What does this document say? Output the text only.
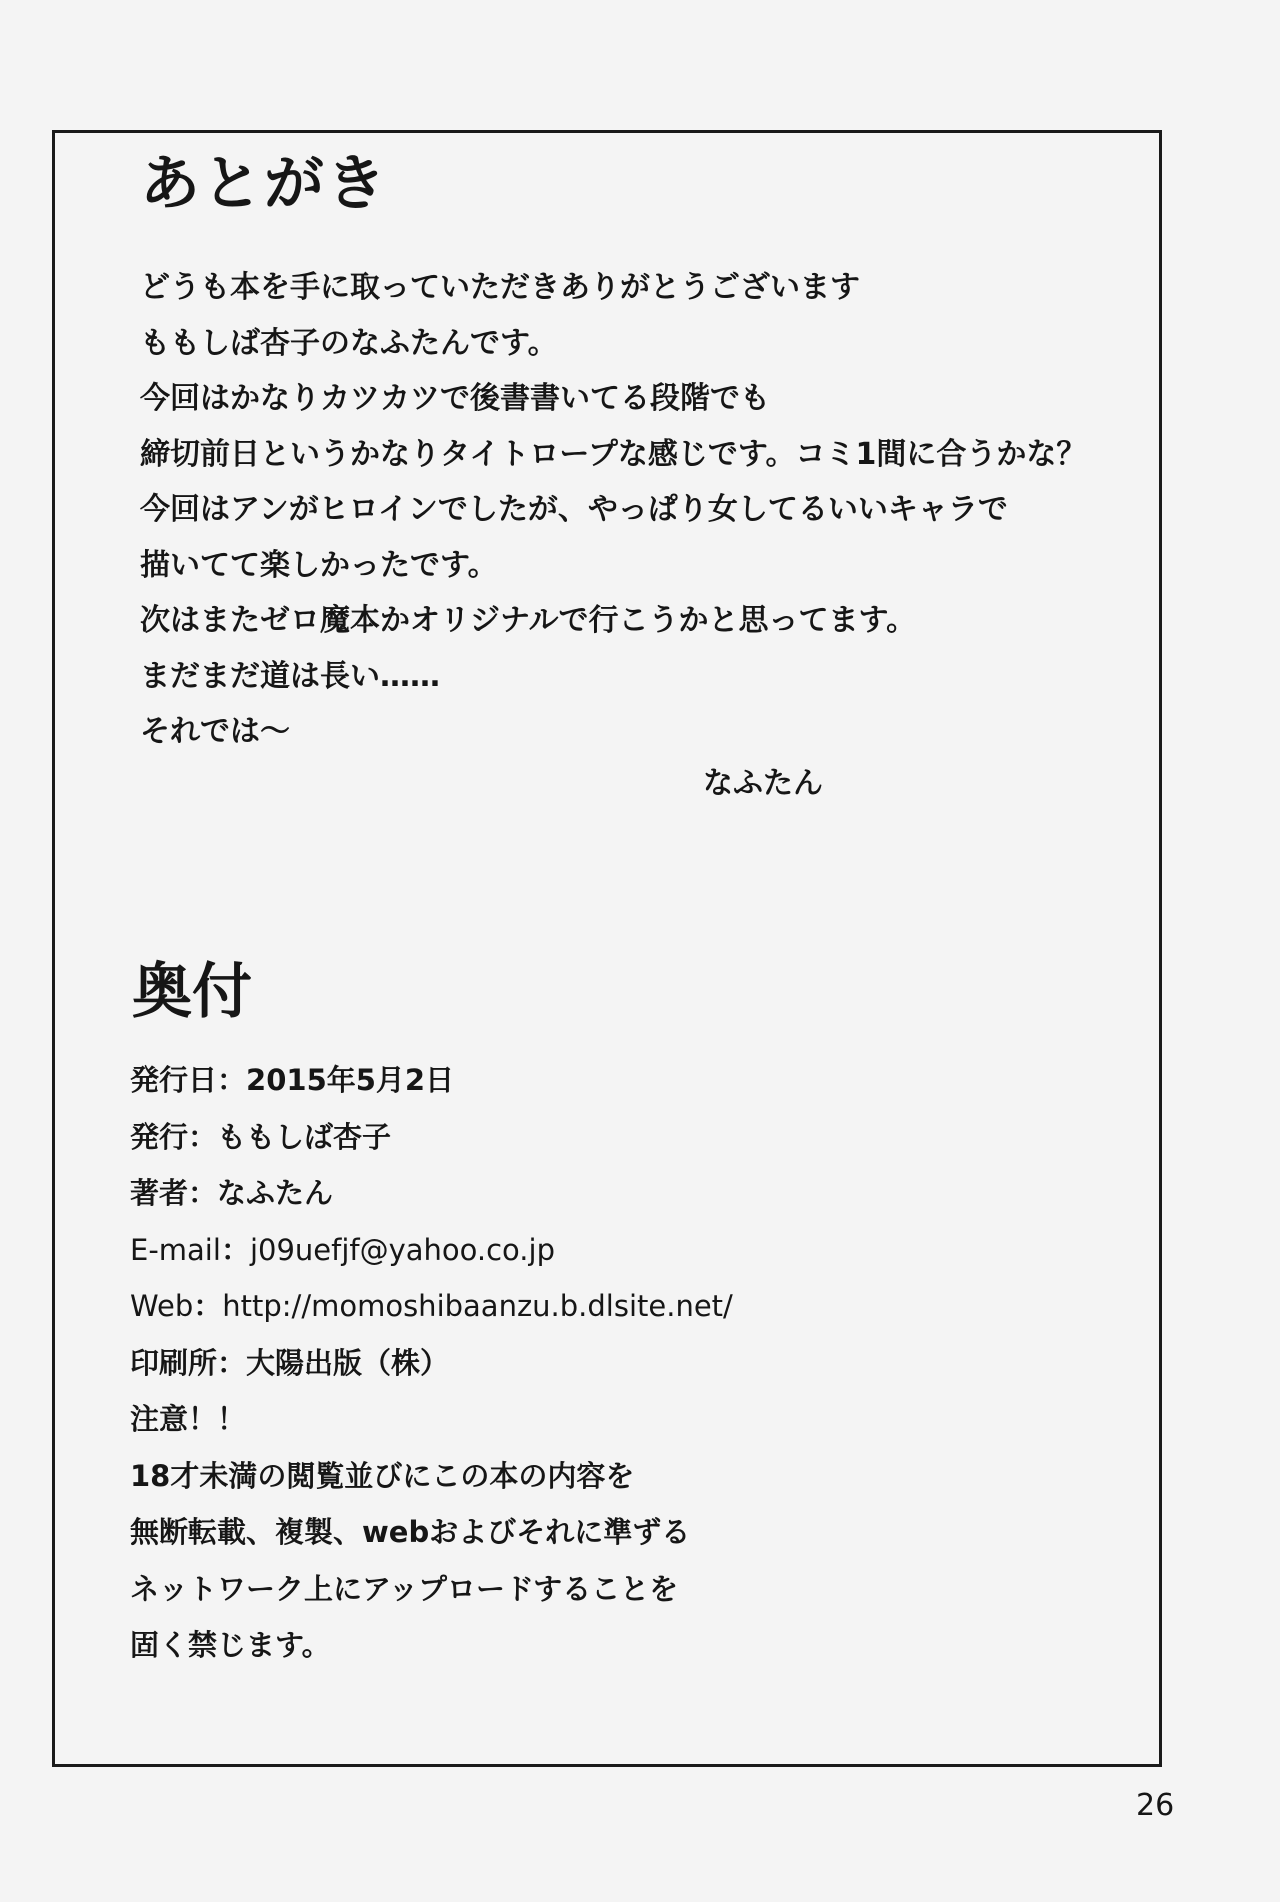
あとがき
どうも本を手に取っていただきありがとうございます
ももしば杏子のなふたんです。
今回はかなりカツカツで後書書いてる段階でも
締切前日というかなりタイトロープな感じです。コミ1間に合うかな？
今回はアンがヒロインでしたが、やっぱり女してるいいキャラで
描いてて楽しかったです。
次はまたゼロ魔本かオリジナルで行こうかと思ってます。
まだまだ道は長い……
それでは～
なふたん
奥付
発行日：2015年5月2日
発行：ももしば杏子
著者：なふたん
E-mail：j09uefjf@yahoo.co.jp
Web：http://momoshibaanzu.b.dlsite.net/
印刷所：大陽出版（株）
注意！！
18才未満の閲覧並びにこの本の内容を
無断転載、複製、webおよびそれに準ずる
ネットワーク上にアップロードすることを
固く禁じます。
26
